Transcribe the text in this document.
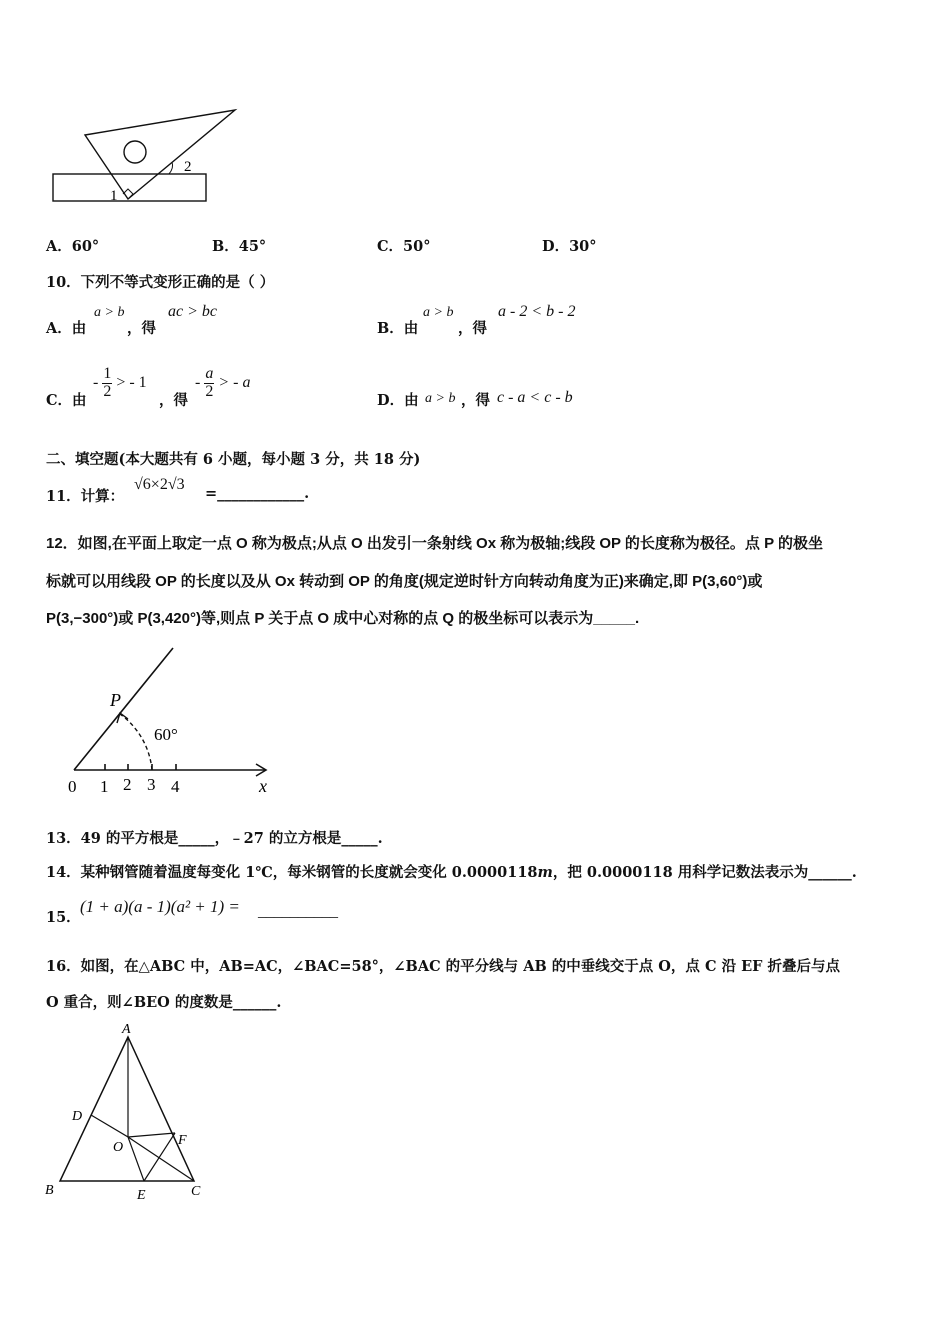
2
1
A．60°	B．45°	C．50°	D．30°
10．下列不等式变形正确的是（ ）
A．由
a > b
，得
ac > bc
B．由
a > b
，得
a - 2 < b - 2
C．由
- $\frac{1}{2}$ > - 1
，得
- $\frac{a}{2}$ > - a
D．由 a > b ，得 c - a < c - b
二、填空题(本大题共有 6 小题，每小题 3 分，共 18 分)
11．计算：
√6×2√3
=____________.
12．如图,在平面上取定一点 O 称为极点;从点 O 出发引一条射线 Ox 称为极轴;线段 OP 的长度称为极径。点 P 的极坐
标就可以用线段 OP 的长度以及从 Ox 转动到 OP 的角度(规定逆时针方向转动角度为正)来确定,即 P(3,60°)或
P(3,−300°)或 P(3,420°)等,则点 P 关于点 O 成中心对称的点 Q 的极坐标可以表示为_____.
P
60°
0 1 2 3 4	x
13．49 的平方根是_____，﹣27 的立方根是_____.
14．某种钢管随着温度每变化 1℃，每米钢管的长度就会变化 0.0000118m，把 0.0000118 用科学记数法表示为______.
15．
(1 + a)(a - 1)(a² + 1) = __________
16．如图，在△ABC 中，AB=AC，∠BAC=58°，∠BAC 的平分线与 AB 的中垂线交于点 O，点 C 沿 EF 折叠后与点
O 重合，则∠BEO 的度数是______.
A
B	C
D
E
F
O
